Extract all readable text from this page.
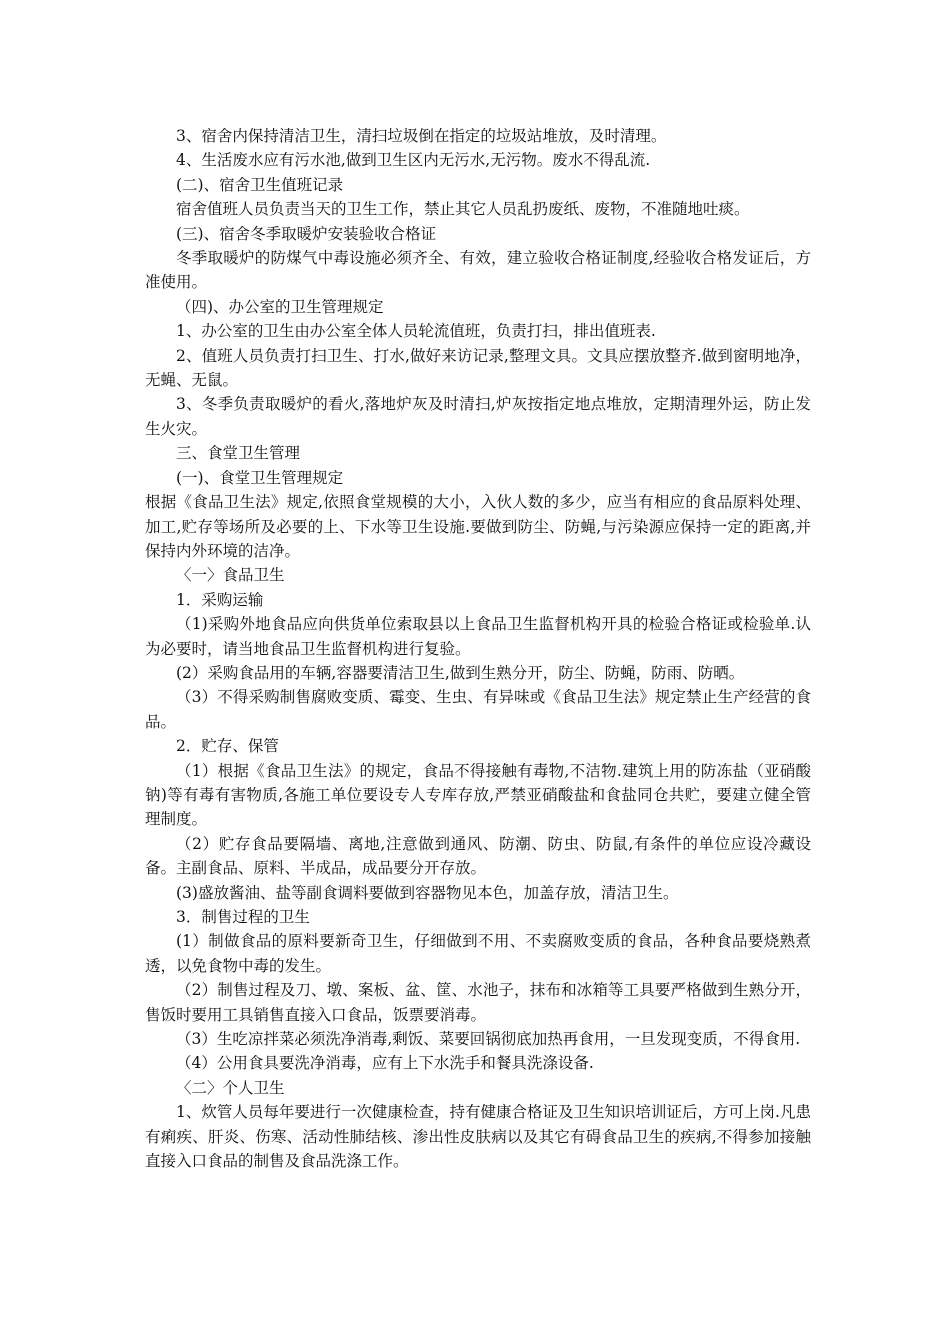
3、宿舍内保持清洁卫生，清扫垃圾倒在指定的垃圾站堆放，及时清理。

4、生活废水应有污水池,做到卫生区内无污水,无污物。废水不得乱流.

(二)、宿舍卫生值班记录

宿舍值班人员负责当天的卫生工作，禁止其它人员乱扔废纸、废物，不准随地吐痰。

(三)、宿舍冬季取暖炉安装验收合格证

冬季取暖炉的防煤气中毒设施必须齐全、有效，建立验收合格证制度,经验收合格发证后，方准使用。

（四)、办公室的卫生管理规定

1、办公室的卫生由办公室全体人员轮流值班，负责打扫，排出值班表.

2、值班人员负责打扫卫生、打水,做好来访记录,整理文具。文具应摆放整齐.做到窗明地净，无蝇、无鼠。

3、冬季负责取暖炉的看火,落地炉灰及时清扫,炉灰按指定地点堆放，定期清理外运，防止发生火灾。

三、食堂卫生管理

(一)、食堂卫生管理规定

根据《食品卫生法》规定,依照食堂规模的大小，入伙人数的多少，应当有相应的食品原料处理、加工,贮存等场所及必要的上、下水等卫生设施.要做到防尘、防蝇,与污染源应保持一定的距离,并保持内外环境的洁净。

〈一〉食品卫生

1．采购运输

（1)采购外地食品应向供货单位索取县以上食品卫生监督机构开具的检验合格证或检验单.认为必要时，请当地食品卫生监督机构进行复验。

(2）采购食品用的车辆,容器要清洁卫生,做到生熟分开，防尘、防蝇，防雨、防晒。

（3）不得采购制售腐败变质、霉变、生虫、有异味或《食品卫生法》规定禁止生产经营的食品。

2．贮存、保管

（1）根据《食品卫生法》的规定，食品不得接触有毒物,不洁物.建筑上用的防冻盐（亚硝酸钠)等有毒有害物质,各施工单位要设专人专库存放,严禁亚硝酸盐和食盐同仓共贮，要建立健全管理制度。

（2）贮存食品要隔墙、离地,注意做到通风、防潮、防虫、防鼠,有条件的单位应设冷藏设备。主副食品、原料、半成品，成品要分开存放。

(3)盛放酱油、盐等副食调料要做到容器物见本色，加盖存放，清洁卫生。

3．制售过程的卫生

(1）制做食品的原料要新奇卫生，仔细做到不用、不卖腐败变质的食品，各种食品要烧熟煮透，以免食物中毒的发生。

（2）制售过程及刀、墩、案板、盆、筐、水池子，抹布和冰箱等工具要严格做到生熟分开，售饭时要用工具销售直接入口食品，饭票要消毒。

（3）生吃凉拌菜必须洗净消毒,剩饭、菜要回锅彻底加热再食用，一旦发现变质，不得食用.

（4）公用食具要洗净消毒，应有上下水洗手和餐具洗涤设备.

〈二〉个人卫生

1、炊管人员每年要进行一次健康检查，持有健康合格证及卫生知识培训证后，方可上岗.凡患有痢疾、肝炎、伤寒、活动性肺结核、渗出性皮肤病以及其它有碍食品卫生的疾病,不得参加接触直接入口食品的制售及食品洗涤工作。
